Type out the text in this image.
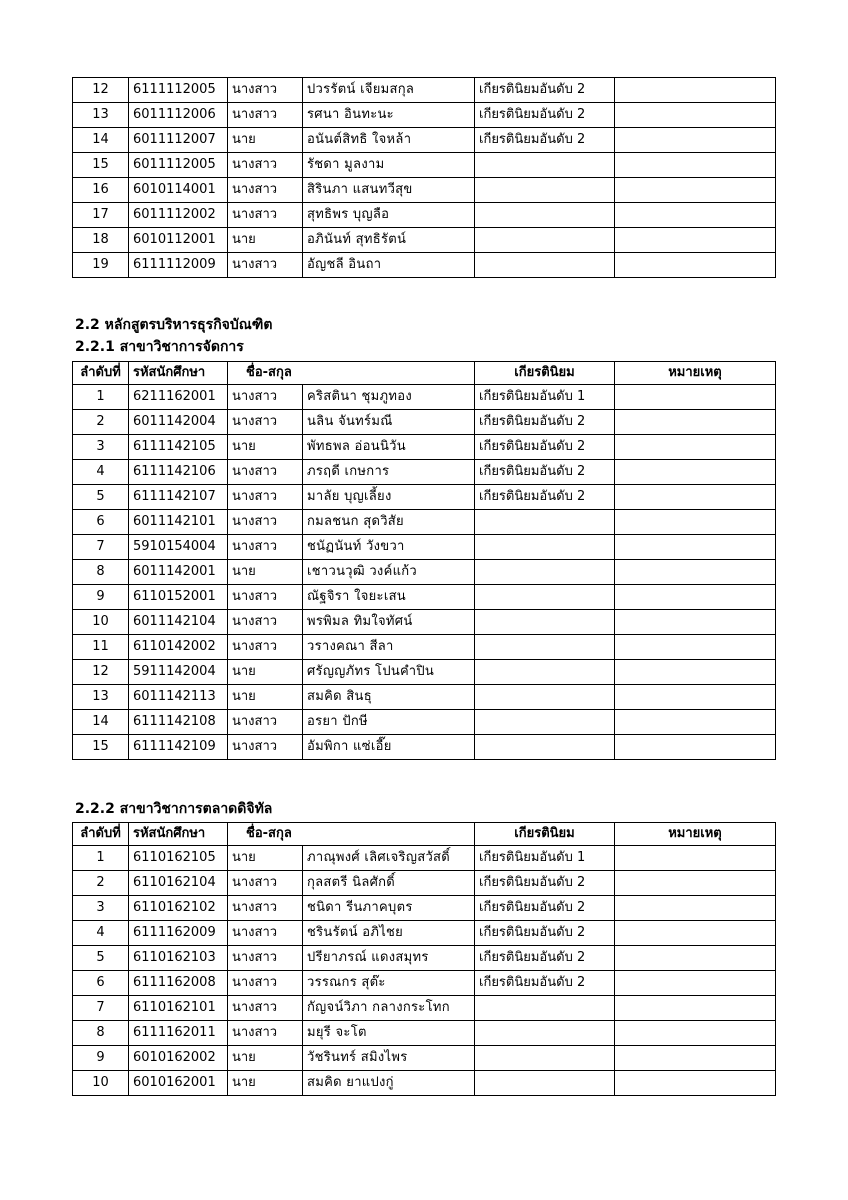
12	6111112005	นางสาว	ปวรรัตน์ เจียมสกุล	เกียรตินิยมอันดับ 2	
13	6011112006	นางสาว	รศนา อินทะนะ	เกียรตินิยมอันดับ 2	
14	6011112007	นาย	อนันต์สิทธิ ใจหล้า	เกียรตินิยมอันดับ 2	
15	6011112005	นางสาว	รัชดา มูลงาม		
16	6010114001	นางสาว	สิรินภา แสนทวีสุข		
17	6011112002	นางสาว	สุทธิพร บุญลือ		
18	6010112001	นาย	อภินันท์ สุทธิรัตน์		
19	6111112009	นางสาว	อัญชลี อินถา		
2.2 หลักสูตรบริหารธุรกิจบัณฑิต
2.2.1 สาขาวิชาการจัดการ
ลำดับที่	รหัสนักศึกษา	ชื่อ-สกุล		เกียรตินิยม	หมายเหตุ
1	6211162001	นางสาว	คริสตินา ชุมภูทอง	เกียรตินิยมอันดับ 1	
2	6011142004	นางสาว	นลิน จันทร์มณี	เกียรตินิยมอันดับ 2	
3	6111142105	นาย	พัทธพล อ่อนนิวัน	เกียรตินิยมอันดับ 2	
4	6111142106	นางสาว	ภรฤดี เกษการ	เกียรตินิยมอันดับ 2	
5	6111142107	นางสาว	มาลัย บุญเลี้ยง	เกียรตินิยมอันดับ 2	
6	6011142101	นางสาว	กมลชนก สุดวิสัย		
7	5910154004	นางสาว	ชนัฏนันท์ วังขวา		
8	6011142001	นาย	เชาวนวุฒิ วงค์แก้ว		
9	6110152001	นางสาว	ณัฐจิรา ใจยะเสน		
10	6011142104	นางสาว	พรพิมล ทิมใจทัศน์		
11	6110142002	นางสาว	วรางคณา สีลา		
12	5911142004	นาย	ศรัญญภัทร โปนคำปิน		
13	6011142113	นาย	สมคิด สินธุ		
14	6111142108	นางสาว	อรยา ปักษี		
15	6111142109	นางสาว	อัมพิกา แซ่เอี๊ย		
2.2.2 สาขาวิชาการตลาดดิจิทัล
ลำดับที่	รหัสนักศึกษา	ชื่อ-สกุล		เกียรตินิยม	หมายเหตุ
1	6110162105	นาย	ภาณุพงศ์ เลิศเจริญสวัสดิ์	เกียรตินิยมอันดับ 1	
2	6110162104	นางสาว	กุลสตรี นิลศักดิ์	เกียรตินิยมอันดับ 2	
3	6110162102	นางสาว	ชนิดา รีนภาคบุตร	เกียรตินิยมอันดับ 2	
4	6111162009	นางสาว	ชรินรัตน์ อภิไชย	เกียรตินิยมอันดับ 2	
5	6110162103	นางสาว	ปรียาภรณ์ แดงสมุทร	เกียรตินิยมอันดับ 2	
6	6111162008	นางสาว	วรรณกร สุต๊ะ	เกียรตินิยมอันดับ 2	
7	6110162101	นางสาว	กัญจน์วิภา กลางกระโทก		
8	6111162011	นางสาว	มยุรี จะโต		
9	6010162002	นาย	วัชรินทร์ สมิงไพร		
10	6010162001	นาย	สมคิด ยาแปงกู่		
